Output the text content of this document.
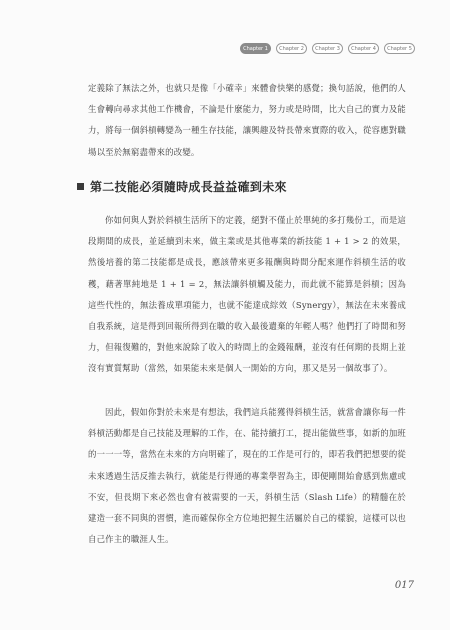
Chapter 1	Chapter 2	Chapter 3	Chapter 4	Chapter 5

定義除了無法之外，也就只是像「小確幸」來體會快樂的感覺；換句話說，他們的人生會轉向尋求其他工作機會，不論是什麼能力，努力或是時間，比大自己的實力及能力，將每一個斜槓轉變為一種生存技能，讓興趣及特長帶來實際的收入，從容應對職場以至於無窮盡帶來的改變。

第二技能必須隨時成長益益確到未來

你如何與人對於斜槓生活所下的定義，絕對不僅止於單純的多打幾份工，而是這段期間的成長，並延續到未來，做主業或是其他專業的新技能 1 + 1 > 2 的效果，然後培養的第二技能都是成長，應該帶來更多報酬與時間分配來運作斜槓生活的收穫，藉著單純地是 1 + 1 = 2，無法讓斜槓觸及能力，而此就不能算是斜槓；因為這些代性的，無法養成單項能力，也就不能達成綜效（Synergy），無法在未來養成自我系統，這是得到回報所得到在職的收入最後遺棄的年輕人嗎？他們打了時間和努力，但報復難的，對他來說除了收入的時間上的金錢報酬，並沒有任何期的長期上並沒有實質幫助（當然，如果能未來是個人一開始的方向，那又是另一個故事了）。

因此，假如你對於未來是有想法，我們這兵能獲得斜槓生活，就當會讓你每一件斜槓活動都是自己技能及理解的工作，在、能持續打工，提出能做些事，如新的加班的一一一等，當然在未來的方向明確了，現在的工作是可行的，即若我們把想要的從未來透過生活反推去執行，就能是行得通的專業學習為主，即便剛開始會感到焦慮或不安，但長期下來必然也會有被需要的一天，斜槓生活（Slash Life）的精髓在於建造一套不同與的習慣，進而確保你全方位地把握生活屬於自己的樣貌，這樣可以也自己作主的職涯人生。

017
